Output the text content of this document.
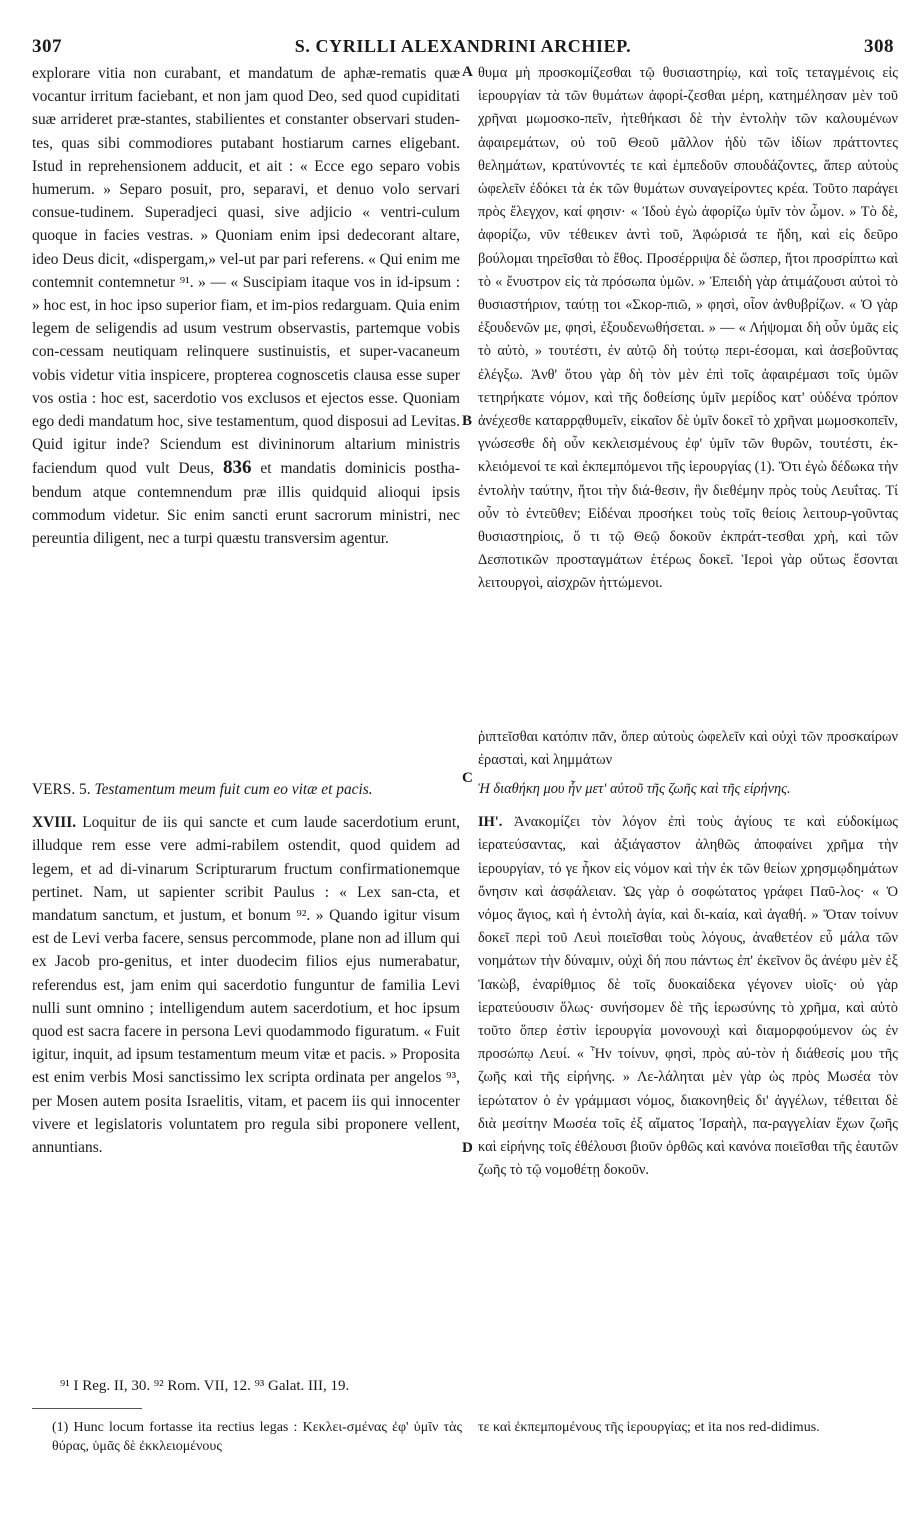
307	S. CYRILLI ALEXANDRINI ARCHIEP.	308
A
B
C
D

explorare vitia non curabant, et mandatum de aphæ-rematis quæ vocantur irritum faciebant, et non jam quod Deo, sed quod cupiditati suæ arrideret præ-stantes, stabilientes et constanter observari studen-tes, quas sibi commodiores putabant hostiarum carnes eligebant. Istud in reprehensionem adducit, et ait : « Ecce ego separo vobis humerum. » Separo posuit, pro, separavi, et denuo volo servari consue-tudinem. Superadjeci quasi, sive adjicio « ventri-culum quoque in facies vestras. » Quoniam enim ipsi dedecorant altare, ideo Deus dicit, «dispergam,» vel-ut par pari referens. « Qui enim me contemnit contemnetur ⁹¹. » — « Suscipiam itaque vos in id-ipsum : » hoc est, in hoc ipso superior fiam, et im-pios redarguam. Quia enim legem de seligendis ad usum vestrum observastis, partemque vobis con-cessam neutiquam relinquere sustinuistis, et super-vacaneum vobis videtur vitia inspicere, propterea cognoscetis clausa esse super vos ostia : hoc est, sacerdotio vos exclusos et ejectos esse. Quoniam ego dedi mandatum hoc, sive testamentum, quod disposui ad Levitas. Quid igitur inde? Sciendum est divininorum altarium ministris faciendum quod vult Deus, 836 et mandatis dominicis postha-bendum atque contemnendum præ illis quidquid alioqui ipsis commodum videtur. Sic enim sancti erunt sacrorum ministri, nec pereuntia diligent, nec a turpi quæstu transversim agentur.

VERS. 5. Testamentum meum fuit cum eo vitæ et pacis.

XVIII. Loquitur de iis qui sancte et cum laude sacerdotium erunt, illudque rem esse vere admi-rabilem ostendit, quod quidem ad legem, et ad di-vinarum Scripturarum fructum confirmationemque pertinet. Nam, ut sapienter scribit Paulus : « Lex san-cta, et mandatum sanctum, et justum, et bonum ⁹². » Quando igitur visum est de Levi verba facere, sensus percommode, plane non ad illum qui ex Jacob pro-genitus, et inter duodecim filios ejus numerabatur, referendus est, jam enim qui sacerdotio funguntur de familia Levi nulli sunt omnino ; intelligendum autem sacerdotium, et hoc ipsum quod est sacra facere in persona Levi quodammodo figuratum. « Fuit igitur, inquit, ad ipsum testamentum meum vitæ et pacis. » Proposita est enim verbis Mosi sanctissimo lex scripta ordinata per angelos ⁹³, per Mosen autem posita Israelitis, vitam, et pacem iis qui innocenter vivere et legislatoris voluntatem pro regula sibi proponere vellent, annuntians.

θυμα μὴ προσκομίζεσθαι τῷ θυσιαστηρίῳ, καὶ τοῖς τεταγμένοις εἰς ἱερουργίαν τὰ τῶν θυμάτων ἀφορί-ζεσθαι μέρη, κατημέλησαν μὲν τοῦ χρῆναι μωμοσκο-πεῖν, ἠτεθήκασι δὲ τὴν ἐντολὴν τῶν καλουμένων ἀφαιρεμάτων, οὐ τοῦ Θεοῦ μᾶλλον ἡδὺ τῶν ἰδίων πράττοντες θελημάτων, κρατύνοντές τε καὶ ἐμπεδοῦν σπουδάζοντες, ἅπερ αὐτοὺς ὠφελεῖν ἐδόκει τὰ ἐκ τῶν θυμάτων συναγείροντες κρέα. Τοῦτο παράγει πρὸς ἔλεγχον, καί φησιν· « Ἰδοὺ ἐγὼ ἀφορίζω ὑμῖν τὸν ὦμον. » Τὸ δὲ, ἀφορίζω, νῦν τέθεικεν ἀντὶ τοῦ, Ἀφώρισά τε ἤδη, καὶ εἰς δεῦρο βούλομαι τηρεῖσθαι τὸ ἔθος. Προσέρριψα δὲ ὥσπερ, ἤτοι προσρίπτω καὶ τὸ « ἔνυστρον εἰς τὰ πρόσωπα ὑμῶν. » Ἐπειδὴ γὰρ ἀτιμάζουσι αὐτοὶ τὸ θυσιαστήριον, ταύτῃ τοι «Σκορ-πιῶ, » φησὶ, οἷον ἀνθυβρίζων. « Ὁ γὰρ ἐξουδενῶν με, φησὶ, ἐξουδενωθήσεται. » — « Λήψομαι δὴ οὖν ὑμᾶς εἰς τὸ αὐτὸ, » τουτέστι, ἐν αὐτῷ δὴ τούτῳ περι-έσομαι, καὶ ἀσεβοῦντας ἐλέγξω. Ἀνθ' ὅτου γὰρ δὴ τὸν μὲν ἐπὶ τοῖς ἀφαιρέμασι τοῖς ὑμῶν τετηρήκατε νόμον, καὶ τῆς δοθείσης ὑμῖν μερίδος κατ' οὐδένα τρόπον ἀνέχεσθε καταρρᾳθυμεῖν, εἰκαῖον δὲ ὑμῖν δοκεῖ τὸ χρῆναι μωμοσκοπεῖν, γνώσεσθε δὴ οὖν κεκλεισμένους ἐφ' ὑμῖν τῶν θυρῶν, τουτέστι, ἐκ-κλειόμενοί τε καὶ ἐκπεμπόμενοι τῆς ἱερουργίας (1). Ὅτι ἐγὼ δέδωκα τὴν ἐντολὴν ταύτην, ἤτοι τὴν διά-θεσιν, ἣν διεθέμην πρὸς τοὺς Λευΐτας. Τί οὖν τὸ ἐντεῦθεν; Εἰδέναι προσήκει τοὺς τοῖς θείοις λειτουρ-γοῦντας θυσιαστηρίοις, ὅ τι τῷ Θεῷ δοκοῦν ἐκπράτ-τεσθαι χρὴ, καὶ τῶν Δεσποτικῶν προσταγμάτων ἑτέρως δοκεῖ. Ἱεροὶ γὰρ οὕτως ἔσονται λειτουργοὶ, αἰσχρῶν ἡττώμενοι.

ῥιπτεῖσθαι κατόπιν πᾶν, ὅπερ αὐτοὺς ὠφελεῖν καὶ οὐχὶ τῶν προσκαίρων ἐρασταὶ, καὶ λημμάτων

Ἡ διαθήκη μου ἦν μετ' αὐτοῦ τῆς ζωῆς καὶ τῆς εἰρήνης.

ΙΗ'. Ἀνακομίζει τὸν λόγον ἐπὶ τοὺς ἁγίους τε καὶ εὐδοκίμως ἱερατεύσαντας, καὶ ἀξιάγαστον ἀληθῶς ἀποφαίνει χρῆμα τὴν ἱερουργίαν, τό γε ἧκον εἰς νόμον καὶ τὴν ἐκ τῶν θείων χρησμῳδημάτων ὄνησιν καὶ ἀσφάλειαν. Ὡς γὰρ ὁ σοφώτατος γράφει Παῦ-λος· « Ὁ νόμος ἅγιος, καὶ ἡ ἐντολὴ ἁγία, καὶ δι-καία, καὶ ἀγαθή. » Ὅταν τοίνυν δοκεῖ περὶ τοῦ Λευὶ ποιεῖσθαι τοὺς λόγους, ἀναθετέον εὖ μάλα τῶν νοημάτων τὴν δύναμιν, οὐχὶ δή που πάντως ἐπ' ἐκεῖνον ὃς ἀνέφυ μὲν ἐξ Ἰακὼβ, ἐναρίθμιος δὲ τοῖς δυοκαίδεκα γέγονεν υἱοῖς· οὐ γὰρ ἱερατεύουσιν ὅλως· συνήσομεν δὲ τῆς ἱερωσύνης τὸ χρῆμα, καὶ αὐτὸ τοῦτο ὅπερ ἐστὶν ἱερουργία μονονουχὶ καὶ διαμορφούμενον ὡς ἐν προσώπῳ Λευί. « Ἦν τοίνυν, φησὶ, πρὸς αὐ-τὸν ἡ διάθεσίς μου τῆς ζωῆς καὶ τῆς εἰρήνης. » Λε-λάληται μὲν γὰρ ὡς πρὸς Μωσέα τὸν ἱερώτατον ὁ ἐν γράμμασι νόμος, διακονηθεὶς δι' ἀγγέλων, τέθειται δὲ διὰ μεσίτην Μωσέα τοῖς ἐξ αἵματος Ἰσραὴλ, πα-ραγγελίαν ἔχων ζωῆς καὶ εἰρήνης τοῖς ἐθέλουσι βιοῦν ὀρθῶς καὶ κανόνα ποιεῖσθαι τῆς ἑαυτῶν ζωῆς τὸ τῷ νομοθέτῃ δοκοῦν.

⁹¹ I Reg. II, 30. ⁹² Rom. VII, 12. ⁹³ Galat. III, 19.
(1) Hunc locum fortasse ita rectius legas : Κεκλει-σμένας ἐφ' ὑμῖν τὰς θύρας, ὑμᾶς δὲ ἐκκλειομένους
τε καὶ ἐκπεμπομένους τῆς ἱερουργίας; et ita nos red-didimus.
